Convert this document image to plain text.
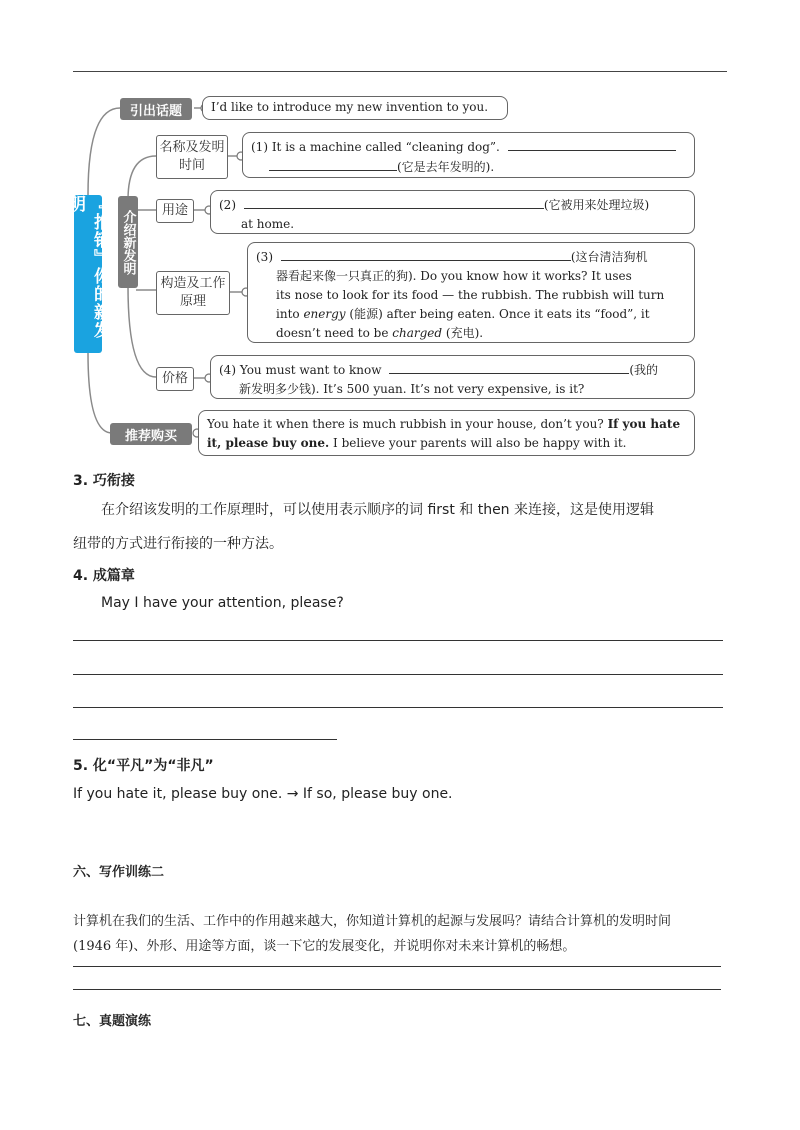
『推销』你的新发明
介绍新发明
引出话题
推荐购买
名称及发明时间
用途
构造及工作原理
价格
I’d like to introduce my new invention to you.
(1) It is a machine called “cleaning dog”.
(它是去年发明的).
(2)	(它被用来处理垃圾)
at home.
(3)	(这台清洁狗机
器看起来像一只真正的狗). Do you know how it works? It uses
its nose to look for its food — the rubbish. The rubbish will turn
into energy (能源) after being eaten. Once it eats its “food”, it
doesn’t need to be charged (充电).
(4) You must want to know	(我的
新发明多少钱). It’s 500 yuan. It’s not very expensive, is it?
You hate it when there is much rubbish in your house, don’t you? If you hate
it, please buy one. I believe your parents will also be happy with it.
3. 巧衔接
在介绍该发明的工作原理时，可以使用表示顺序的词 first 和 then 来连接，这是使用逻辑
纽带的方式进行衔接的一种方法。
4. 成篇章
May I have your attention, please?
5. 化“平凡”为“非凡”
If you hate it, please buy one. → If so, please buy one.
六、写作训练二
计算机在我们的生活、工作中的作用越来越大，你知道计算机的起源与发展吗？请结合计算机的发明时间
(1946 年)、外形、用途等方面，谈一下它的发展变化，并说明你对未来计算机的畅想。
七、真题演练
